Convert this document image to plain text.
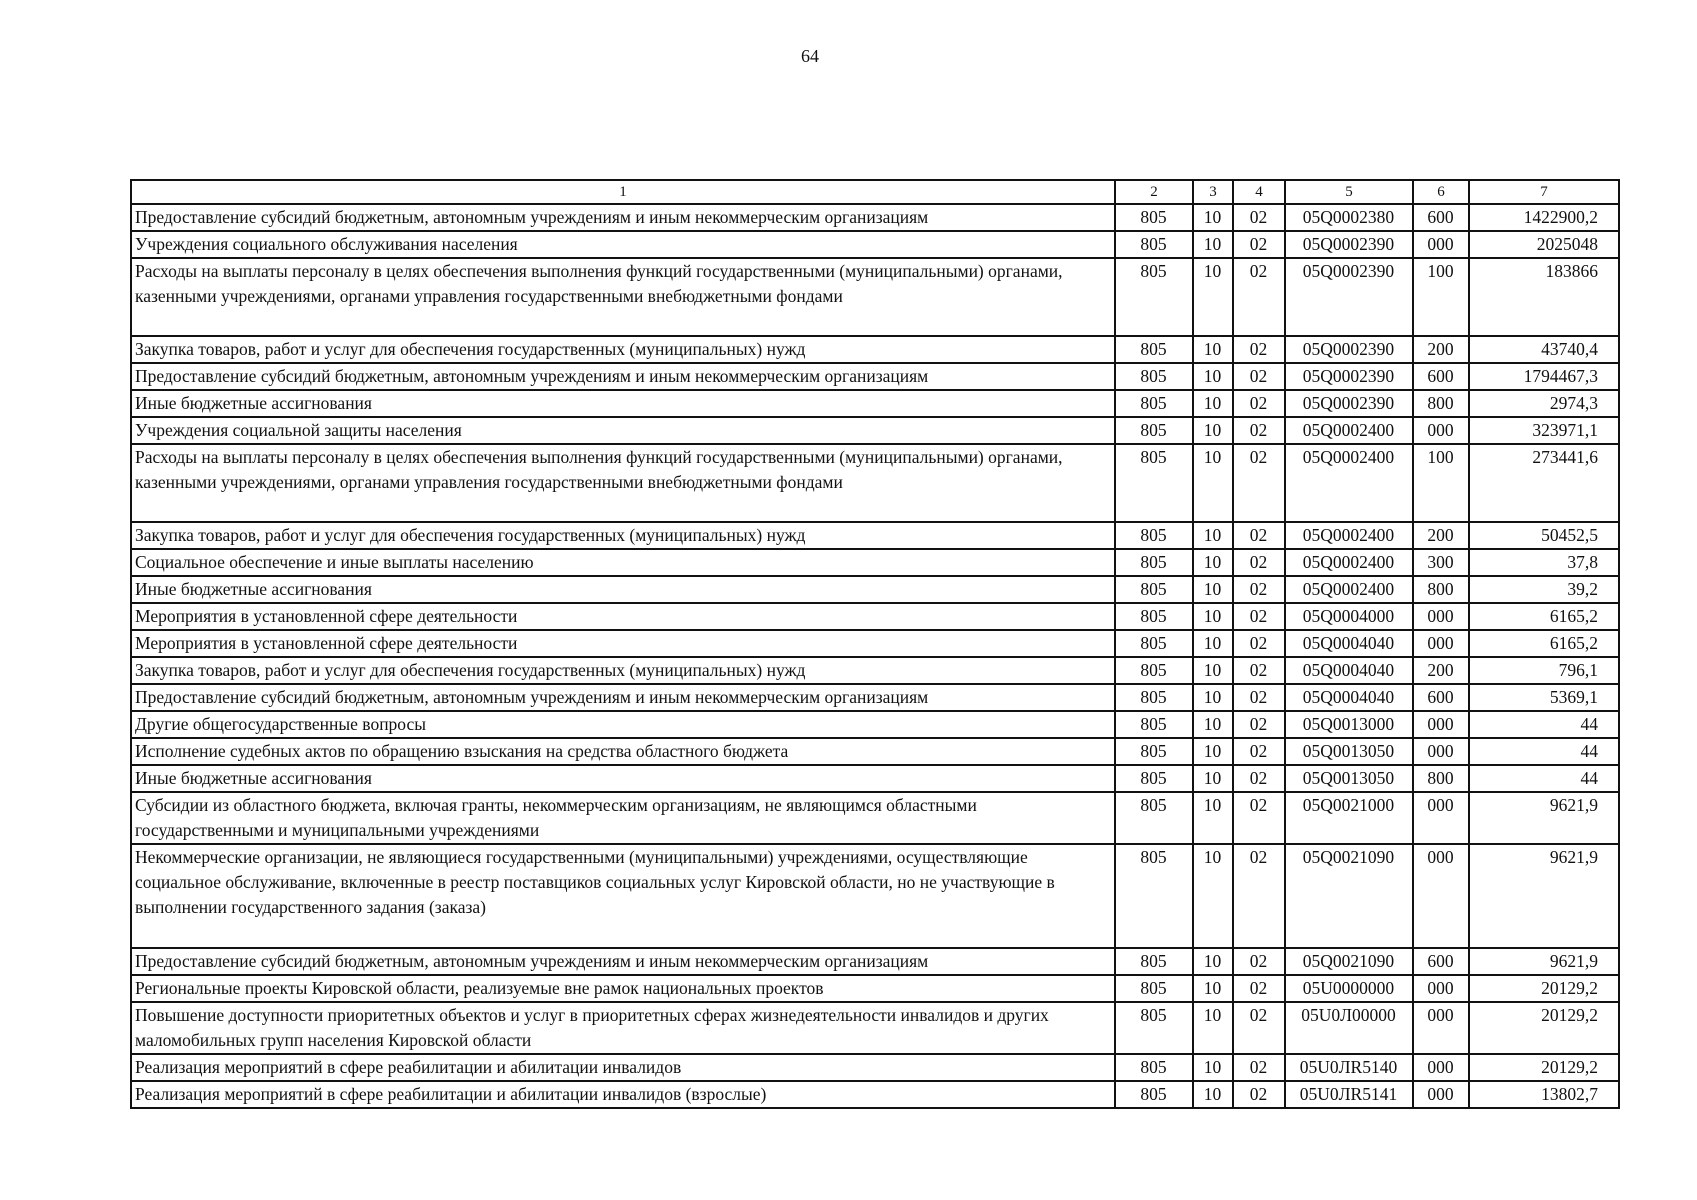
64
1	2	3	4	5	6	7
Предоставление субсидий бюджетным, автономным учреждениям и иным некоммерческим организациям	805	10	02	05Q0002380	600	1422900,2
Учреждения социального обслуживания населения	805	10	02	05Q0002390	000	2025048
Расходы на выплаты персоналу в целях обеспечения выполнения функций государственными (муниципальными) органами, казенными учреждениями, органами управления государственными внебюджетными фондами	805	10	02	05Q0002390	100	183866
Закупка товаров, работ и услуг для обеспечения государственных (муниципальных) нужд	805	10	02	05Q0002390	200	43740,4
Предоставление субсидий бюджетным, автономным учреждениям и иным некоммерческим организациям	805	10	02	05Q0002390	600	1794467,3
Иные бюджетные ассигнования	805	10	02	05Q0002390	800	2974,3
Учреждения социальной защиты населения	805	10	02	05Q0002400	000	323971,1
Расходы на выплаты персоналу в целях обеспечения выполнения функций государственными (муниципальными) органами, казенными учреждениями, органами управления государственными внебюджетными фондами	805	10	02	05Q0002400	100	273441,6
Закупка товаров, работ и услуг для обеспечения государственных (муниципальных) нужд	805	10	02	05Q0002400	200	50452,5
Социальное обеспечение и иные выплаты населению	805	10	02	05Q0002400	300	37,8
Иные бюджетные ассигнования	805	10	02	05Q0002400	800	39,2
Мероприятия в установленной сфере деятельности	805	10	02	05Q0004000	000	6165,2
Мероприятия в установленной сфере деятельности	805	10	02	05Q0004040	000	6165,2
Закупка товаров, работ и услуг для обеспечения государственных (муниципальных) нужд	805	10	02	05Q0004040	200	796,1
Предоставление субсидий бюджетным, автономным учреждениям и иным некоммерческим организациям	805	10	02	05Q0004040	600	5369,1
Другие общегосударственные вопросы	805	10	02	05Q0013000	000	44
Исполнение судебных актов по обращению взыскания на средства областного бюджета	805	10	02	05Q0013050	000	44
Иные бюджетные ассигнования	805	10	02	05Q0013050	800	44
Субсидии из областного бюджета, включая гранты, некоммерческим организациям, не являющимся областными государственными и муниципальными учреждениями	805	10	02	05Q0021000	000	9621,9
Некоммерческие организации, не являющиеся государственными (муниципальными) учреждениями, осуществляющие социальное обслуживание, включенные в реестр поставщиков социальных услуг Кировской области, но не участвующие в выполнении государственного задания (заказа)	805	10	02	05Q0021090	000	9621,9
Предоставление субсидий бюджетным, автономным учреждениям и иным некоммерческим организациям	805	10	02	05Q0021090	600	9621,9
Региональные проекты Кировской области, реализуемые вне рамок национальных проектов	805	10	02	05U0000000	000	20129,2
Повышение доступности приоритетных объектов и услуг в приоритетных сферах жизнедеятельности инвалидов и других маломобильных групп населения Кировской области	805	10	02	05U0Л00000	000	20129,2
Реализация мероприятий в сфере реабилитации и абилитации инвалидов	805	10	02	05U0ЛR5140	000	20129,2
Реализация мероприятий в сфере реабилитации и абилитации инвалидов (взрослые)	805	10	02	05U0ЛR5141	000	13802,7
